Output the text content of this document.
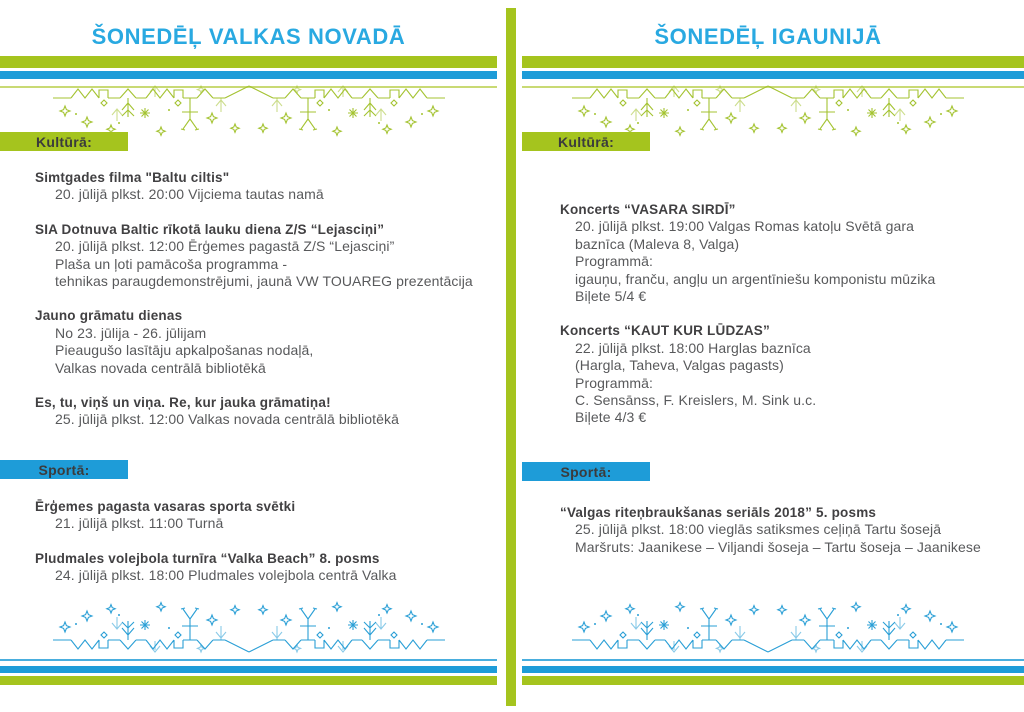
ŠONEDĒĻ VALKAS NOVADĀ
Kultūrā:
Simtgades filma "Baltu ciltis"
20. jūlijā plkst. 20:00 Vijciema tautas namā
SIA Dotnuva Baltic rīkotā lauku diena Z/S “Lejasciņi”
20. jūlijā plkst. 12:00 Ērģemes pagastā Z/S “Lejasciņi”
Plaša un ļoti pamācoša programma -
tehnikas paraugdemonstrējumi, jaunā VW TOUAREG prezentācija
Jauno grāmatu dienas
No 23. jūlija - 26. jūlijam
Pieaugušo lasītāju apkalpošanas nodaļā,
Valkas novada centrālā bibliotēkā
Es, tu, viņš un viņa. Re, kur jauka grāmatiņa!
25. jūlijā plkst. 12:00 Valkas novada centrālā bibliotēkā
Sportā:
Ērģemes pagasta vasaras sporta svētki
21. jūlijā plkst. 11:00 Turnā
Pludmales volejbola turnīra “Valka Beach” 8. posms
24. jūlijā plkst. 18:00 Pludmales volejbola centrā Valka
ŠONEDĒĻ IGAUNIJĀ
Kultūrā:
Koncerts “VASARA SIRDĪ”
20. jūlijā plkst. 19:00 Valgas Romas katoļu Svētā gara
baznīca (Maleva 8, Valga)
Programmā:
igauņu, franču, angļu un argentīniešu komponistu mūzika
Biļete 5/4 €
Koncerts “KAUT KUR LŪDZAS”
22. jūlijā plkst. 18:00 Harglas baznīca
(Hargla, Taheva, Valgas pagasts)
Programmā:
C. Sensānss, F. Kreislers, M. Sink u.c.
Biļete 4/3 €
Sportā:
“Valgas riteņbraukšanas seriāls 2018” 5. posms
25. jūlijā plkst. 18:00 vieglās satiksmes ceļiņā Tartu šosejā
Maršruts: Jaanikese – Viljandi šoseja – Tartu šoseja – Jaanikese
